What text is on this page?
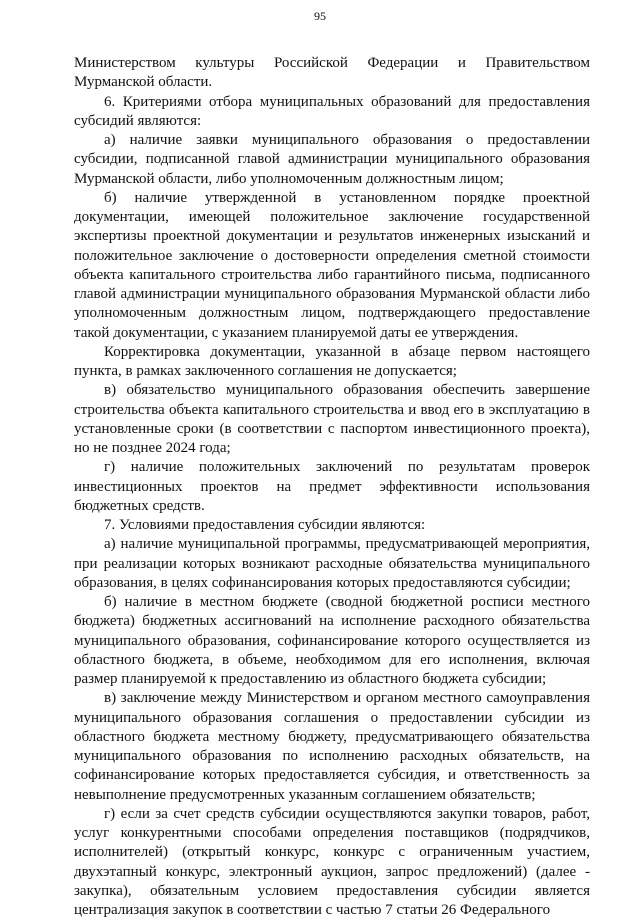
95

Министерством культуры Российской Федерации и Правительством Мурманской области.

6. Критериями отбора муниципальных образований для предоставления субсидий являются:

а) наличие заявки муниципального образования о предоставлении субсидии, подписанной главой администрации муниципального образования Мурманской области, либо уполномоченным должностным лицом;

б) наличие утвержденной в установленном порядке проектной документации, имеющей положительное заключение государственной экспертизы проектной документации и результатов инженерных изысканий и положительное заключение о достоверности определения сметной стоимости объекта капитального строительства либо гарантийного письма, подписанного главой администрации муниципального образования Мурманской области либо уполномоченным должностным лицом, подтверждающего предоставление такой документации, с указанием планируемой даты ее утверждения.

Корректировка документации, указанной в абзаце первом настоящего пункта, в рамках заключенного соглашения не допускается;

в) обязательство муниципального образования обеспечить завершение строительства объекта капитального строительства и ввод его в эксплуатацию в установленные сроки (в соответствии с паспортом инвестиционного проекта), но не позднее 2024 года;

г) наличие положительных заключений по результатам проверок инвестиционных проектов на предмет эффективности использования бюджетных средств.

7. Условиями предоставления субсидии являются:

а) наличие муниципальной программы, предусматривающей мероприятия, при реализации которых возникают расходные обязательства муниципального образования, в целях софинансирования которых предоставляются субсидии;

б) наличие в местном бюджете (сводной бюджетной росписи местного бюджета) бюджетных ассигнований на исполнение расходного обязательства муниципального образования, софинансирование которого осуществляется из областного бюджета, в объеме, необходимом для его исполнения, включая размер планируемой к предоставлению из областного бюджета субсидии;

в) заключение между Министерством и органом местного самоуправления муниципального образования соглашения о предоставлении субсидии из областного бюджета местному бюджету, предусматривающего обязательства муниципального образования по исполнению расходных обязательств, на софинансирование которых предоставляется субсидия, и ответственность за невыполнение предусмотренных указанным соглашением обязательств;

г) если за счет средств субсидии осуществляются закупки товаров, работ, услуг конкурентными способами определения поставщиков (подрядчиков, исполнителей) (открытый конкурс, конкурс с ограниченным участием, двухэтапный конкурс, электронный аукцион, запрос предложений) (далее - закупка), обязательным условием предоставления субсидии является централизация закупок в соответствии с частью 7 статьи 26 Федерального
